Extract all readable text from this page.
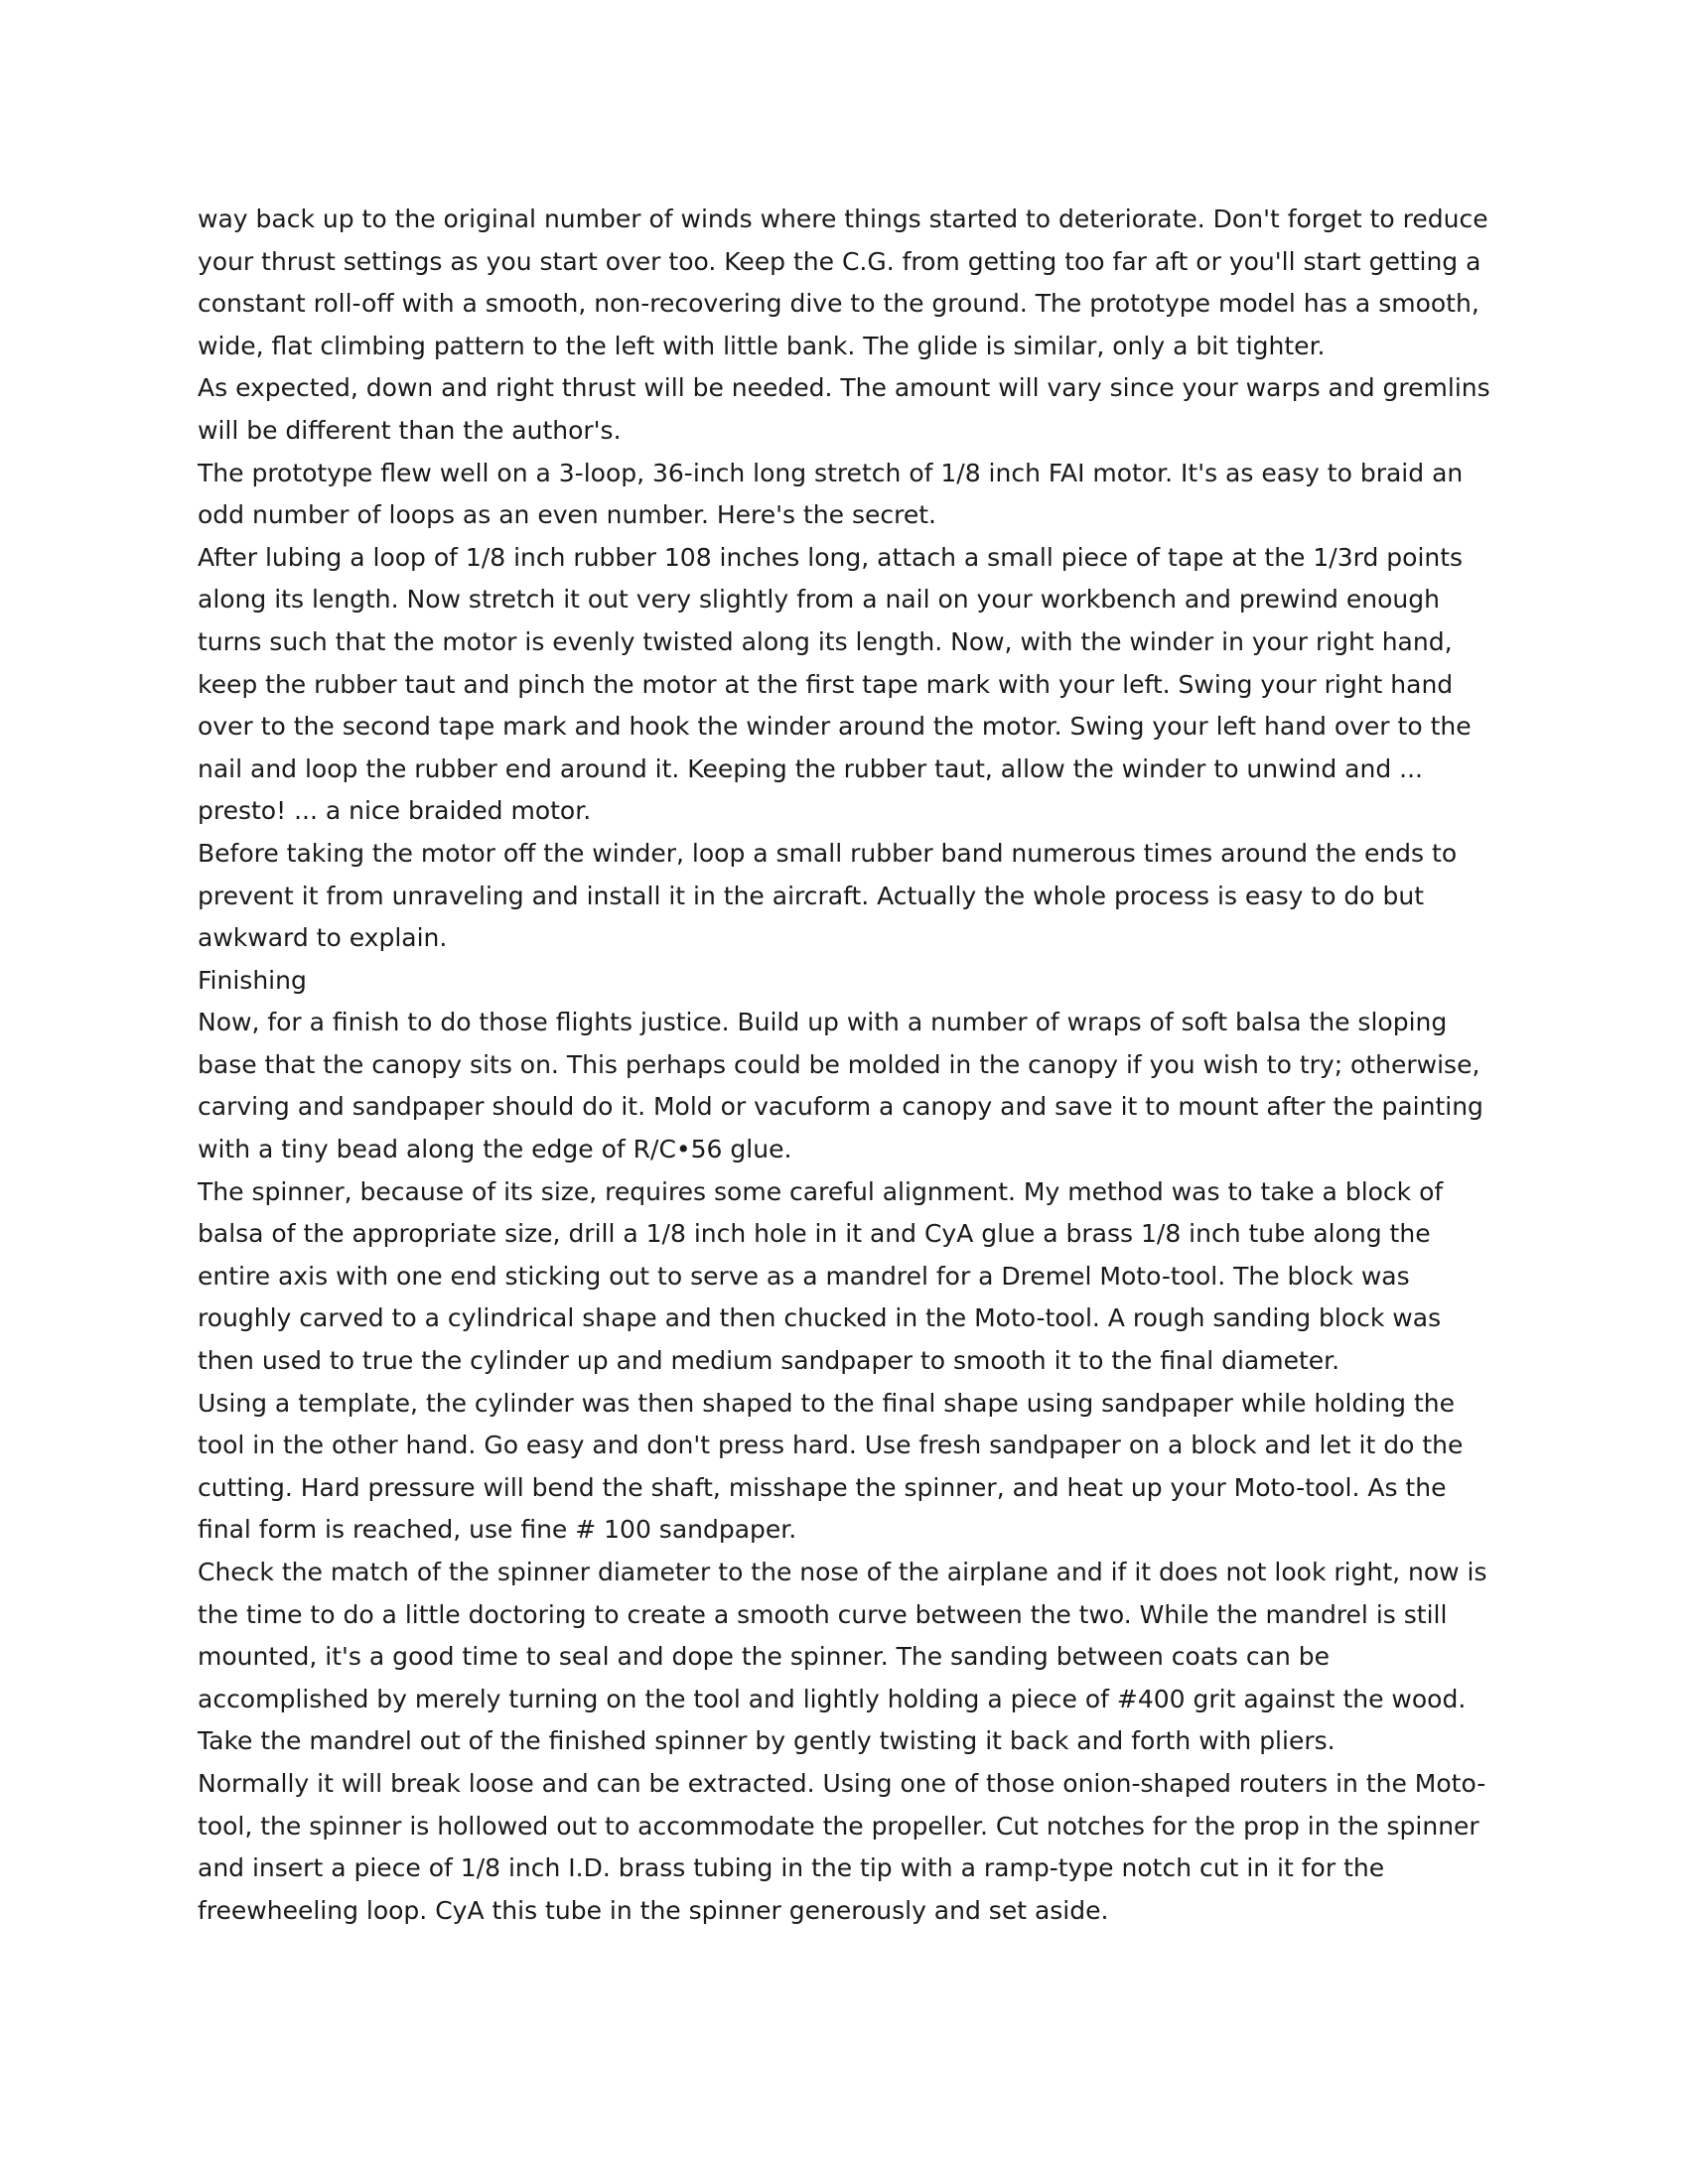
way back up to the original number of winds where things started to deteriorate. Don't forget to reduce your thrust settings as you start over too. Keep the C.G. from getting too far aft or you'll start getting a constant roll-off with a smooth, non-recovering dive to the ground. The prototype model has a smooth, wide, flat climbing pattern to the left with little bank. The glide is similar, only a bit tighter.

As expected, down and right thrust will be needed. The amount will vary since your warps and gremlins will be different than the author's.

The prototype flew well on a 3-loop, 36-inch long stretch of 1/8 inch FAI motor. It's as easy to braid an odd number of loops as an even number. Here's the secret.

After lubing a loop of 1/8 inch rubber 108 inches long, attach a small piece of tape at the 1/3rd points along its length. Now stretch it out very slightly from a nail on your workbench and prewind enough turns such that the motor is evenly twisted along its length. Now, with the winder in your right hand, keep the rubber taut and pinch the motor at the first tape mark with your left. Swing your right hand over to the second tape mark and hook the winder around the motor. Swing your left hand over to the nail and loop the rubber end around it. Keeping the rubber taut, allow the winder to unwind and ... presto! ... a nice braided motor.

Before taking the motor off the winder, loop a small rubber band numerous times around the ends to prevent it from unraveling and install it in the aircraft. Actually the whole process is easy to do but awkward to explain.

Finishing

Now, for a finish to do those flights justice. Build up with a number of wraps of soft balsa the sloping base that the canopy sits on. This perhaps could be molded in the canopy if you wish to try; otherwise, carving and sandpaper should do it. Mold or vacuform a canopy and save it to mount after the painting with a tiny bead along the edge of R/C•56 glue.

The spinner, because of its size, requires some careful alignment. My method was to take a block of balsa of the appropriate size, drill a 1/8 inch hole in it and CyA glue a brass 1/8 inch tube along the entire axis with one end sticking out to serve as a mandrel for a Dremel Moto-tool. The block was roughly carved to a cylindrical shape and then chucked in the Moto-tool. A rough sanding block was then used to true the cylinder up and medium sandpaper to smooth it to the final diameter.

Using a template, the cylinder was then shaped to the final shape using sandpaper while holding the tool in the other hand. Go easy and don't press hard. Use fresh sandpaper on a block and let it do the cutting. Hard pressure will bend the shaft, misshape the spinner, and heat up your Moto-tool. As the final form is reached, use fine # 100 sandpaper.

Check the match of the spinner diameter to the nose of the airplane and if it does not look right, now is the time to do a little doctoring to create a smooth curve between the two. While the mandrel is still mounted, it's a good time to seal and dope the spinner. The sanding between coats can be accomplished by merely turning on the tool and lightly holding a piece of #400 grit against the wood. Take the mandrel out of the finished spinner by gently twisting it back and forth with pliers.

Normally it will break loose and can be extracted. Using one of those onion-shaped routers in the Moto-tool, the spinner is hollowed out to accommodate the propeller. Cut notches for the prop in the spinner and insert a piece of 1/8 inch I.D. brass tubing in the tip with a ramp-type notch cut in it for the freewheeling loop. CyA this tube in the spinner generously and set aside.
